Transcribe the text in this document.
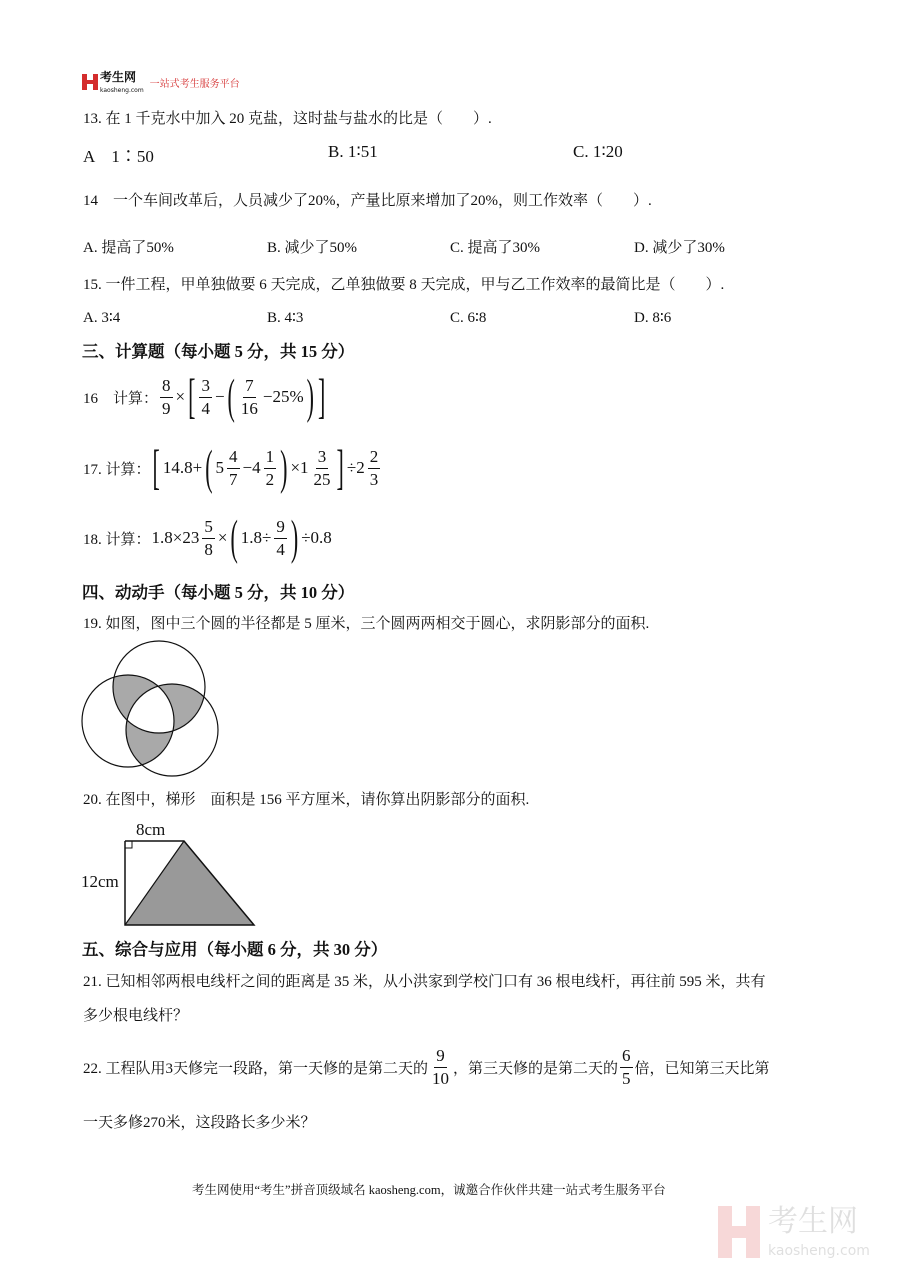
考生网
kaosheng.com
一站式考生服务平台
13. 在 1 千克水中加入 20 克盐，这时盐与盐水的比是（　　）.
A　1∶50	B. 1∶51	C. 1∶20
14　一个车间改革后，人员减少了20%，产量比原来增加了20%，则工作效率（　　）.
A. 提高了50%	B. 减少了50%	C. 提高了30%	D. 减少了30%
15. 一件工程，甲单独做要 6 天完成，乙单独做要 8 天完成，甲与乙工作效率的最简比是（　　）.
A. 3∶4	B. 4∶3	C. 6∶8	D. 8∶6
三、计算题（每小题 5 分，共 15 分）
16　计算： $\frac{8}{9}$ × [ $\frac{3}{4}$ − ( $\frac{7}{16} -25\%$ ) ]
17. 计算： [ 14.8+ ( $5 \frac{4}{7} -4 \frac{1}{2}$ ) $\times 1 \frac{3}{25}$ ] $\div 2 \frac{2}{3}$
18. 计算： $1.8\times 23 \frac{5}{8}$ × ( $1.8\div \frac{9}{4}$ ) ÷0.8
四、动动手（每小题 5 分，共 10 分）
19. 如图，图中三个圆的半径都是 5 厘米，三个圆两两相交于圆心，求阴影部分的面积.
20. 在图中，梯形　面积是 156 平方厘米，请你算出阴影部分的面积.
8cm
12cm
五、综合与应用（每小题 6 分，共 30 分）
21. 已知相邻两根电线杆之间的距离是 35 米，从小洪家到学校门口有 36 根电线杆，再往前 595 米，共有
多少根电线杆？
22. 工程队用3天修完一段路，第一天修的是第二天的 $\frac{9}{10}$ ，第三天修的是第二天的 $\frac{6}{5}$ 倍，已知第三天比第
一天多修270米，这段路长多少米？
考生网使用“考生”拼音顶级域名 kaosheng.com，诚邀合作伙伴共建一站式考生服务平台
考生网
kaosheng.com
